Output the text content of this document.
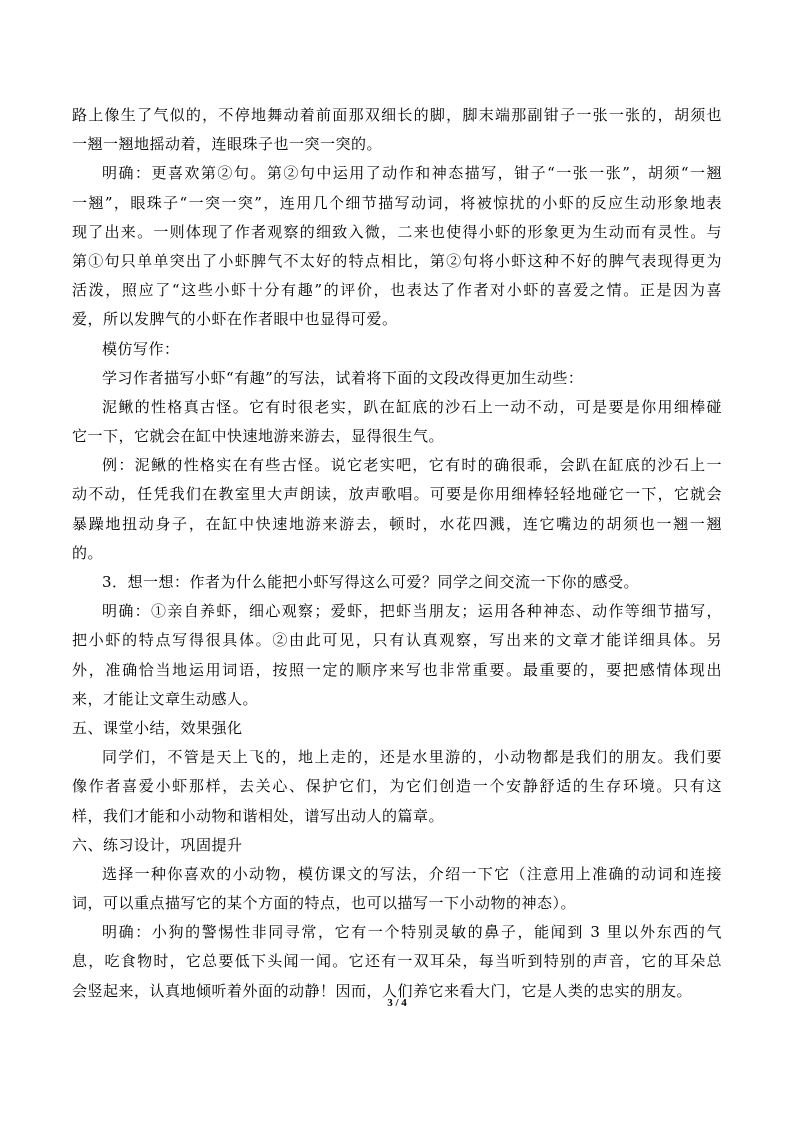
路上像生了气似的，不停地舞动着前面那双细长的脚，脚末端那副钳子一张一张的，胡须也
一翘一翘地摇动着，连眼珠子也一突一突的。
明确：更喜欢第②句。第②句中运用了动作和神态描写，钳子“一张一张”，胡须“一翘
一翘”，眼珠子“一突一突”，连用几个细节描写动词，将被惊扰的小虾的反应生动形象地表
现了出来。一则体现了作者观察的细致入微，二来也使得小虾的形象更为生动而有灵性。与
第①句只单单突出了小虾脾气不太好的特点相比，第②句将小虾这种不好的脾气表现得更为
活泼，照应了“这些小虾十分有趣”的评价，也表达了作者对小虾的喜爱之情。正是因为喜
爱，所以发脾气的小虾在作者眼中也显得可爱。
模仿写作：
学习作者描写小虾“有趣”的写法，试着将下面的文段改得更加生动些：
泥鳅的性格真古怪。它有时很老实，趴在缸底的沙石上一动不动，可是要是你用细棒碰
它一下，它就会在缸中快速地游来游去，显得很生气。
例：泥鳅的性格实在有些古怪。说它老实吧，它有时的确很乖，会趴在缸底的沙石上一
动不动，任凭我们在教室里大声朗读，放声歌唱。可要是你用细棒轻轻地碰它一下，它就会
暴躁地扭动身子，在缸中快速地游来游去，顿时，水花四溅，连它嘴边的胡须也一翘一翘
的。
3．想一想：作者为什么能把小虾写得这么可爱？同学之间交流一下你的感受。
明确：①亲自养虾，细心观察；爱虾，把虾当朋友；运用各种神态、动作等细节描写，
把小虾的特点写得很具体。②由此可见，只有认真观察，写出来的文章才能详细具体。另
外，准确恰当地运用词语，按照一定的顺序来写也非常重要。最重要的，要把感情体现出
来，才能让文章生动感人。
五、课堂小结，效果强化
同学们，不管是天上飞的，地上走的，还是水里游的，小动物都是我们的朋友。我们要
像作者喜爱小虾那样，去关心、保护它们，为它们创造一个安静舒适的生存环境。只有这
样，我们才能和小动物和谐相处，谱写出动人的篇章。
六、练习设计，巩固提升
选择一种你喜欢的小动物，模仿课文的写法，介绍一下它（注意用上准确的动词和连接
词，可以重点描写它的某个方面的特点，也可以描写一下小动物的神态）。
明确：小狗的警惕性非同寻常，它有一个特别灵敏的鼻子，能闻到 3 里以外东西的气
息，吃食物时，它总要低下头闻一闻。它还有一双耳朵，每当听到特别的声音，它的耳朵总
会竖起来，认真地倾听着外面的动静！因而，人们养它来看大门，它是人类的忠实的朋友。
3 / 4
